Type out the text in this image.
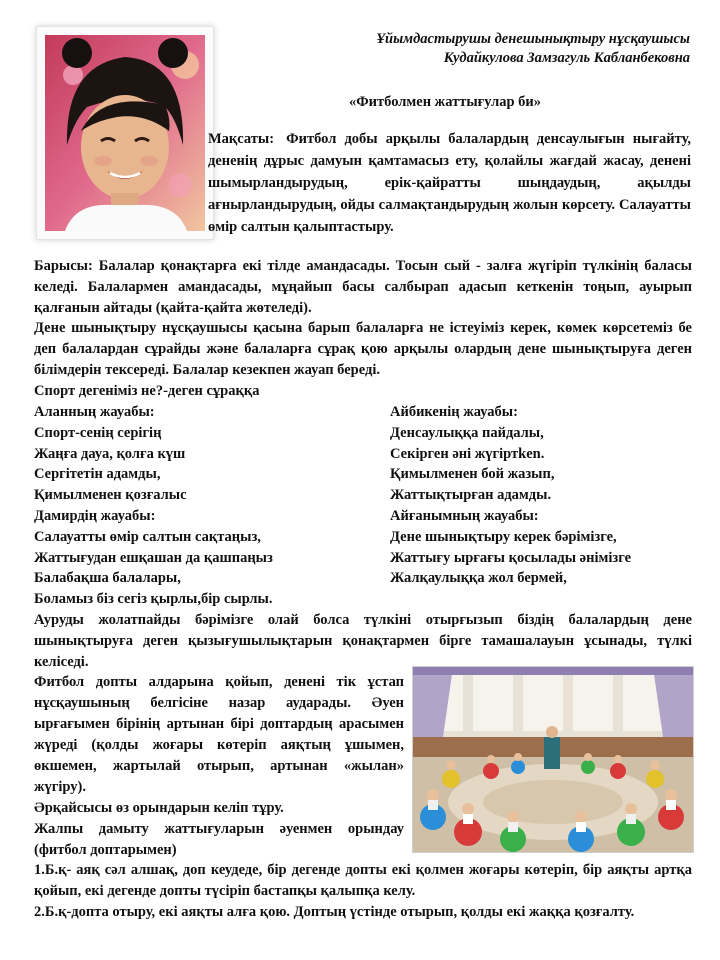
Ұйымдастырушы денешынықтыру нұсқаушысы
Кудайкулова Замзагуль Кабланбековна
«Фитболмен жаттығулар би»
Мақсаты: Фитбол добы арқылы балалардың денсаулығын нығайту, дененің дұрыс дамуын қамтамасыз ету, қолайлы жағдай жасау, денені шымырландырудың, ерік-қайратты шыңдаудың, ақылды ағнырландырудың, ойды салмақтандырудың жолын көрсету. Салауатты өмір салтын қалыптастыру.

Барысы: Балалар қонақтарға екі тілде амандасады. Тосын сый - залға жүгіріп түлкінің баласы келеді. Балалармен амандасады, мұңайып басы салбырап адасып кеткенін тоңып, ауырып қалғанын айтады (қайта-қайта жөтеледі).

Дене шынықтыру нұсқаушысы қасына барып балаларға не істеуіміз керек, көмек көрсетеміз бе деп балалардан сұрайды және балаларға сұрақ қою арқылы олардың дене шынықтыруға деген білімдерін тексереді. Балалар кезекпен жауап береді.

Спорт дегеніміз не?-деген сұраққа

Аланның жауабы:	Айбикенің жауабы:
Спорт-сенің серігің	Денсаулыққа пайдалы,
Жаңға дауа, қолға күш	Секірген әні жүгіртken.
Сергітетін адамды,	Қимылменен бой жазып,
Қимылменен қозғалыс	Жаттықтырған адамды.
Дамирдің жауабы:	Айғанымның жауабы:
Салауатты өмір салтын сақтаңыз,	Дене шынықтыру керек бәрімізге,
Жаттығудан ешқашан да қашпаңыз	Жаттығу ырғағы қосылады әнімізге
Балабақша балалары,	Жалқаулыққа жол бермей,
Боламыз біз сегіз қырлы,бір сырлы.
Ауруды жолатпайды бәрімізге олай болса түлкіні отырғызып біздің балалардың дене шынықтыруға деген қызығушылықтарын қонақтармен бірге тамашалауын ұсынады, түлкі келіседі.

Фитбол допты алдарына қойып, денені тік ұстап нұсқаушының белгісіне назар аударады. Әуен ырғағымен бірінің артынан бірі доптардың арасымен жүреді (қолды жоғары көтеріп аяқтың ұшымен, өкшемен, жартылай отырып, артынан «жылан» жүгіру).

Әрқайсысы өз орындарын келіп тұру.

Жалпы дамыту жаттығуларын әуенмен орындау (фитбол доптарымен)

1.Б.қ- аяқ сәл алшақ, доп кеудеде, бір дегенде допты екі қолмен жоғары көтеріп, бір аяқты артқа қойып, екі дегенде допты түсіріп бастапқы қалыпқа келу.

2.Б.қ-допта отыру, екі аяқты алға қою. Доптың үстінде отырып, қолды екі жаққа қозғалту.
